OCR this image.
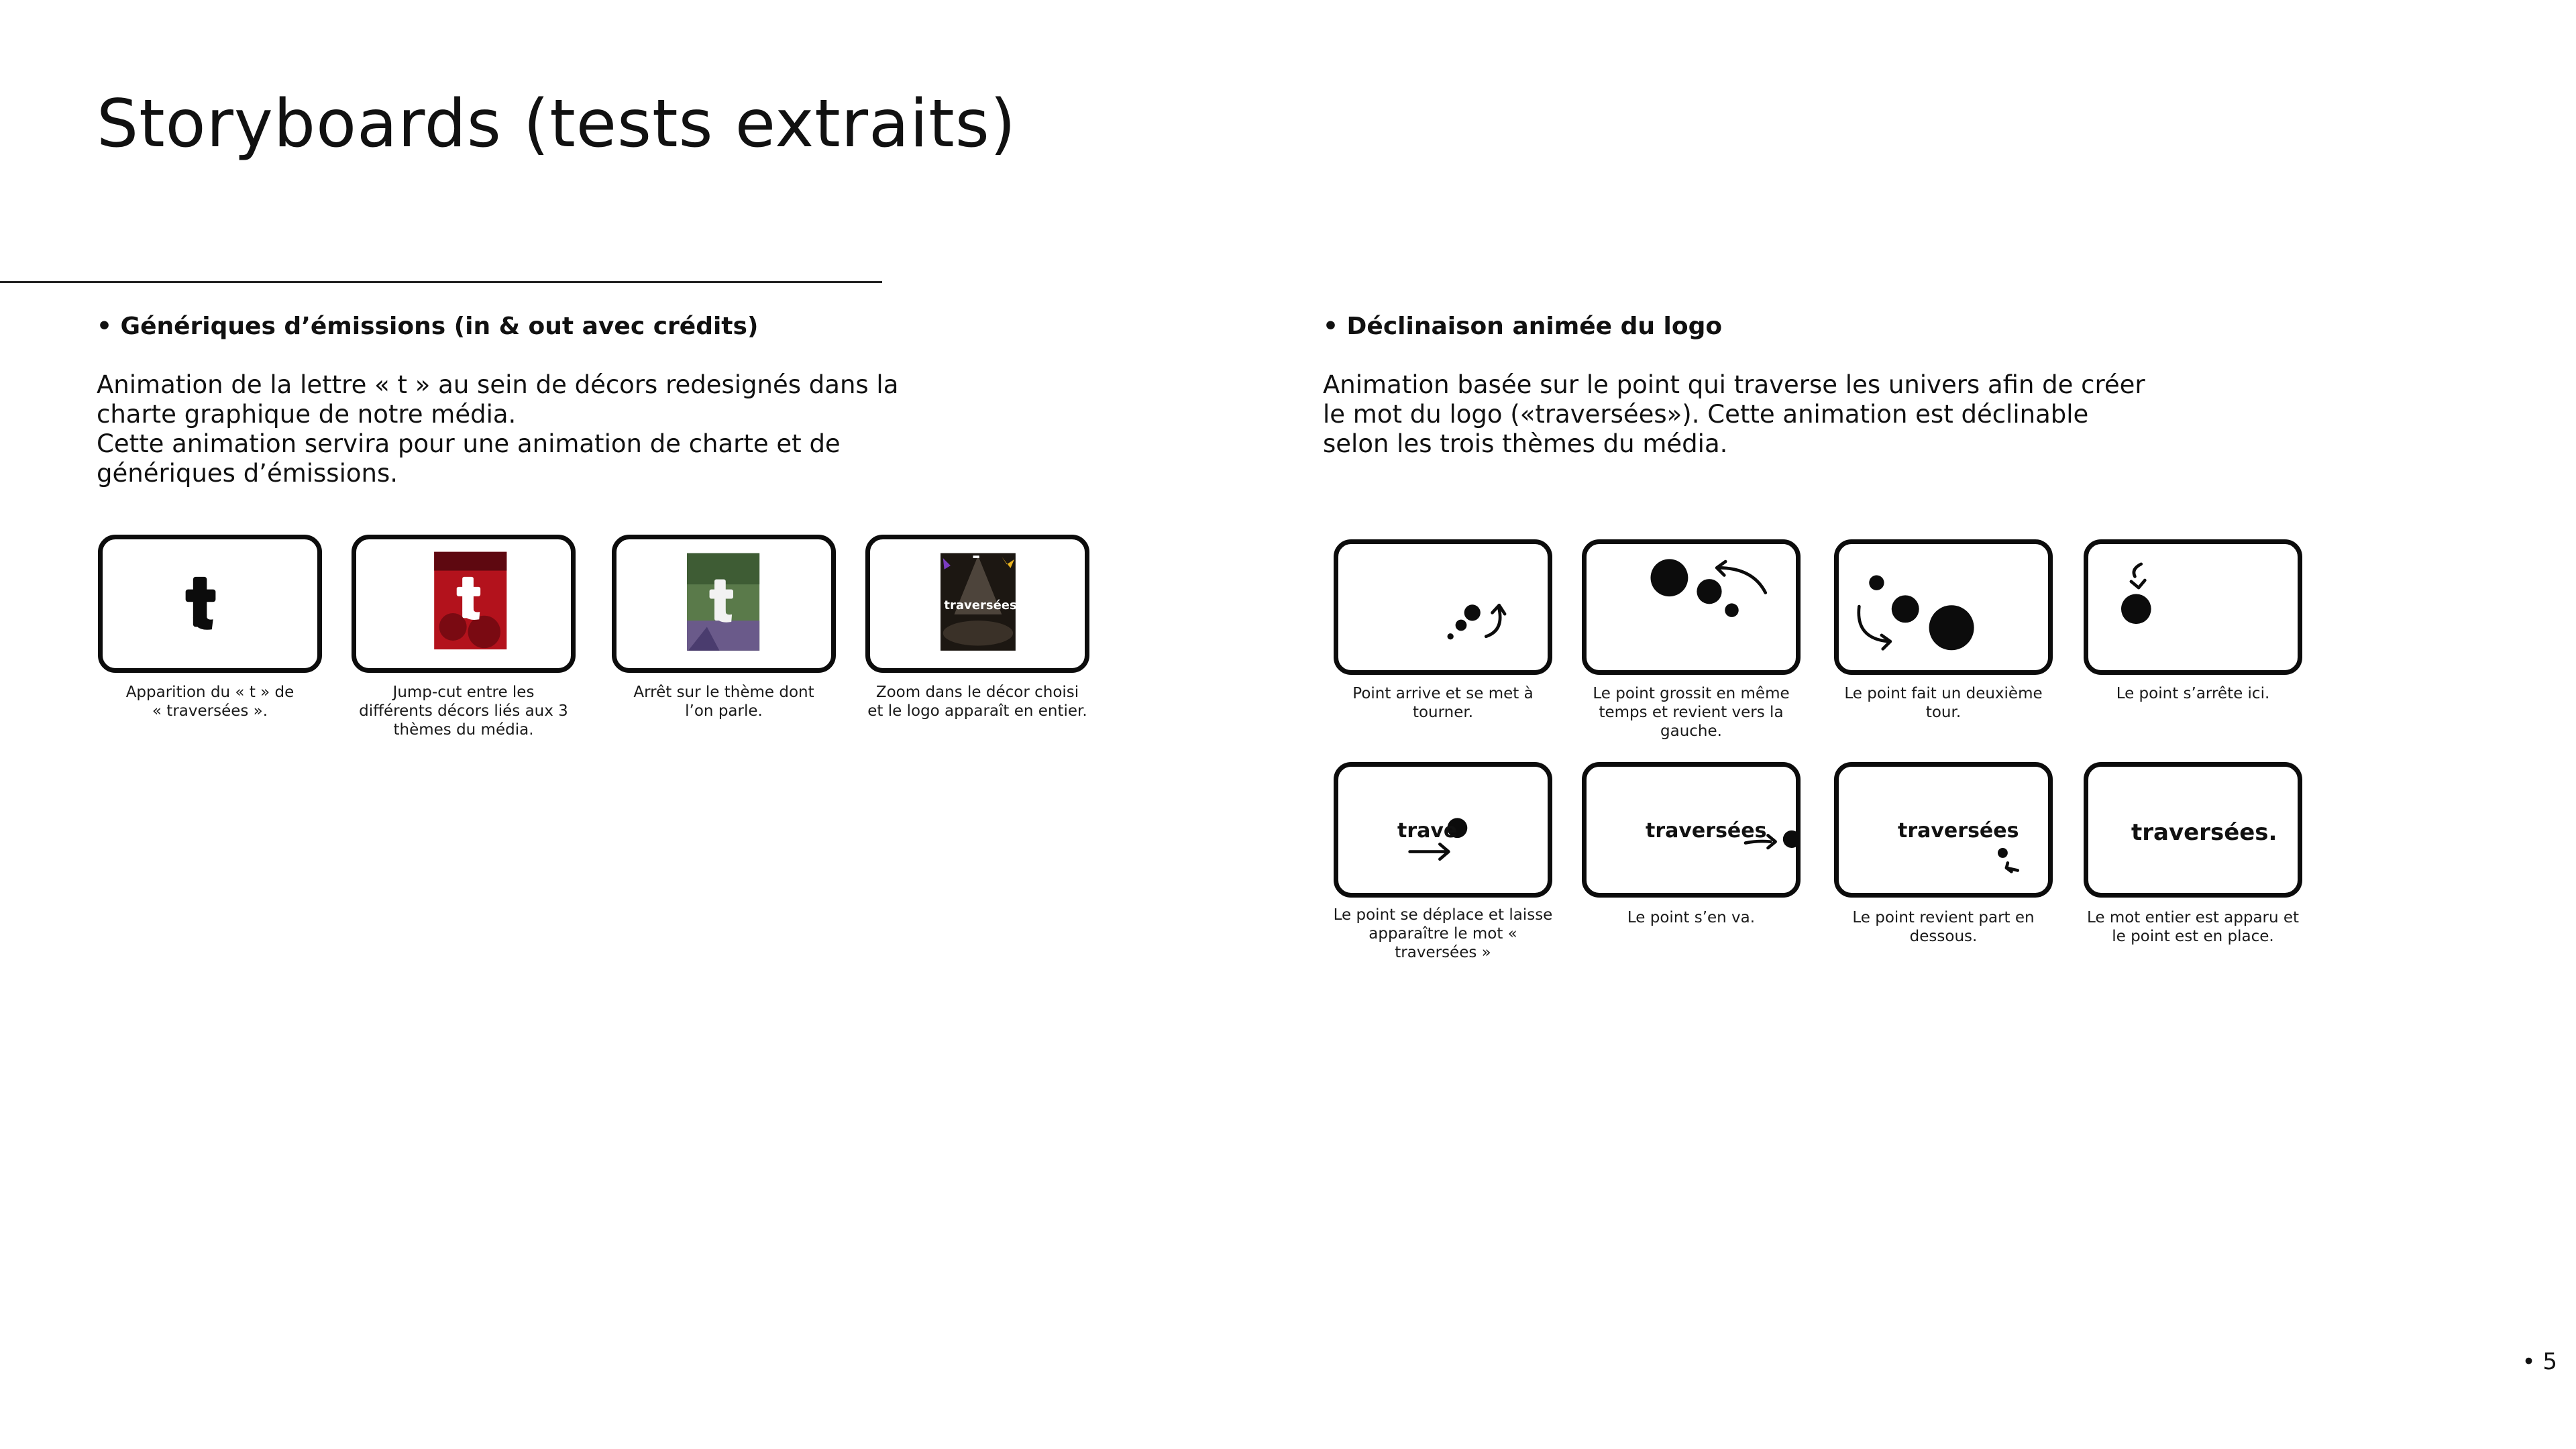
Storyboards (tests extraits)
• Génériques d’émissions (in & out avec crédits)
Animation de la lettre « t » au sein de décors redesignés dans la
charte graphique de notre média.
Cette animation servira pour une animation de charte et de
génériques d’émissions.
Apparition du « t » de
« traversées ».
Jump-cut entre les
différents décors liés aux 3
thèmes du média.
Arrêt sur le thème dont
l’on parle.
traversées.
Zoom dans le décor choisi
et le logo apparaît en entier.
• Déclinaison animée du logo
Animation basée sur le point qui traverse les univers afin de créer
le mot du logo («traversées»). Cette animation est déclinable
selon les trois thèmes du média.
Point arrive et se met à
tourner.
Le point grossit en même
temps et revient vers la
gauche.
Le point fait un deuxième
tour.
Le point s’arrête ici.
trave
Le point se déplace et laisse
apparaître le mot «
traversées »
traversées
Le point s’en va.
traversées
Le point revient part en
dessous.
traversées.
Le mot entier est apparu et
le point est en place.
• 5
